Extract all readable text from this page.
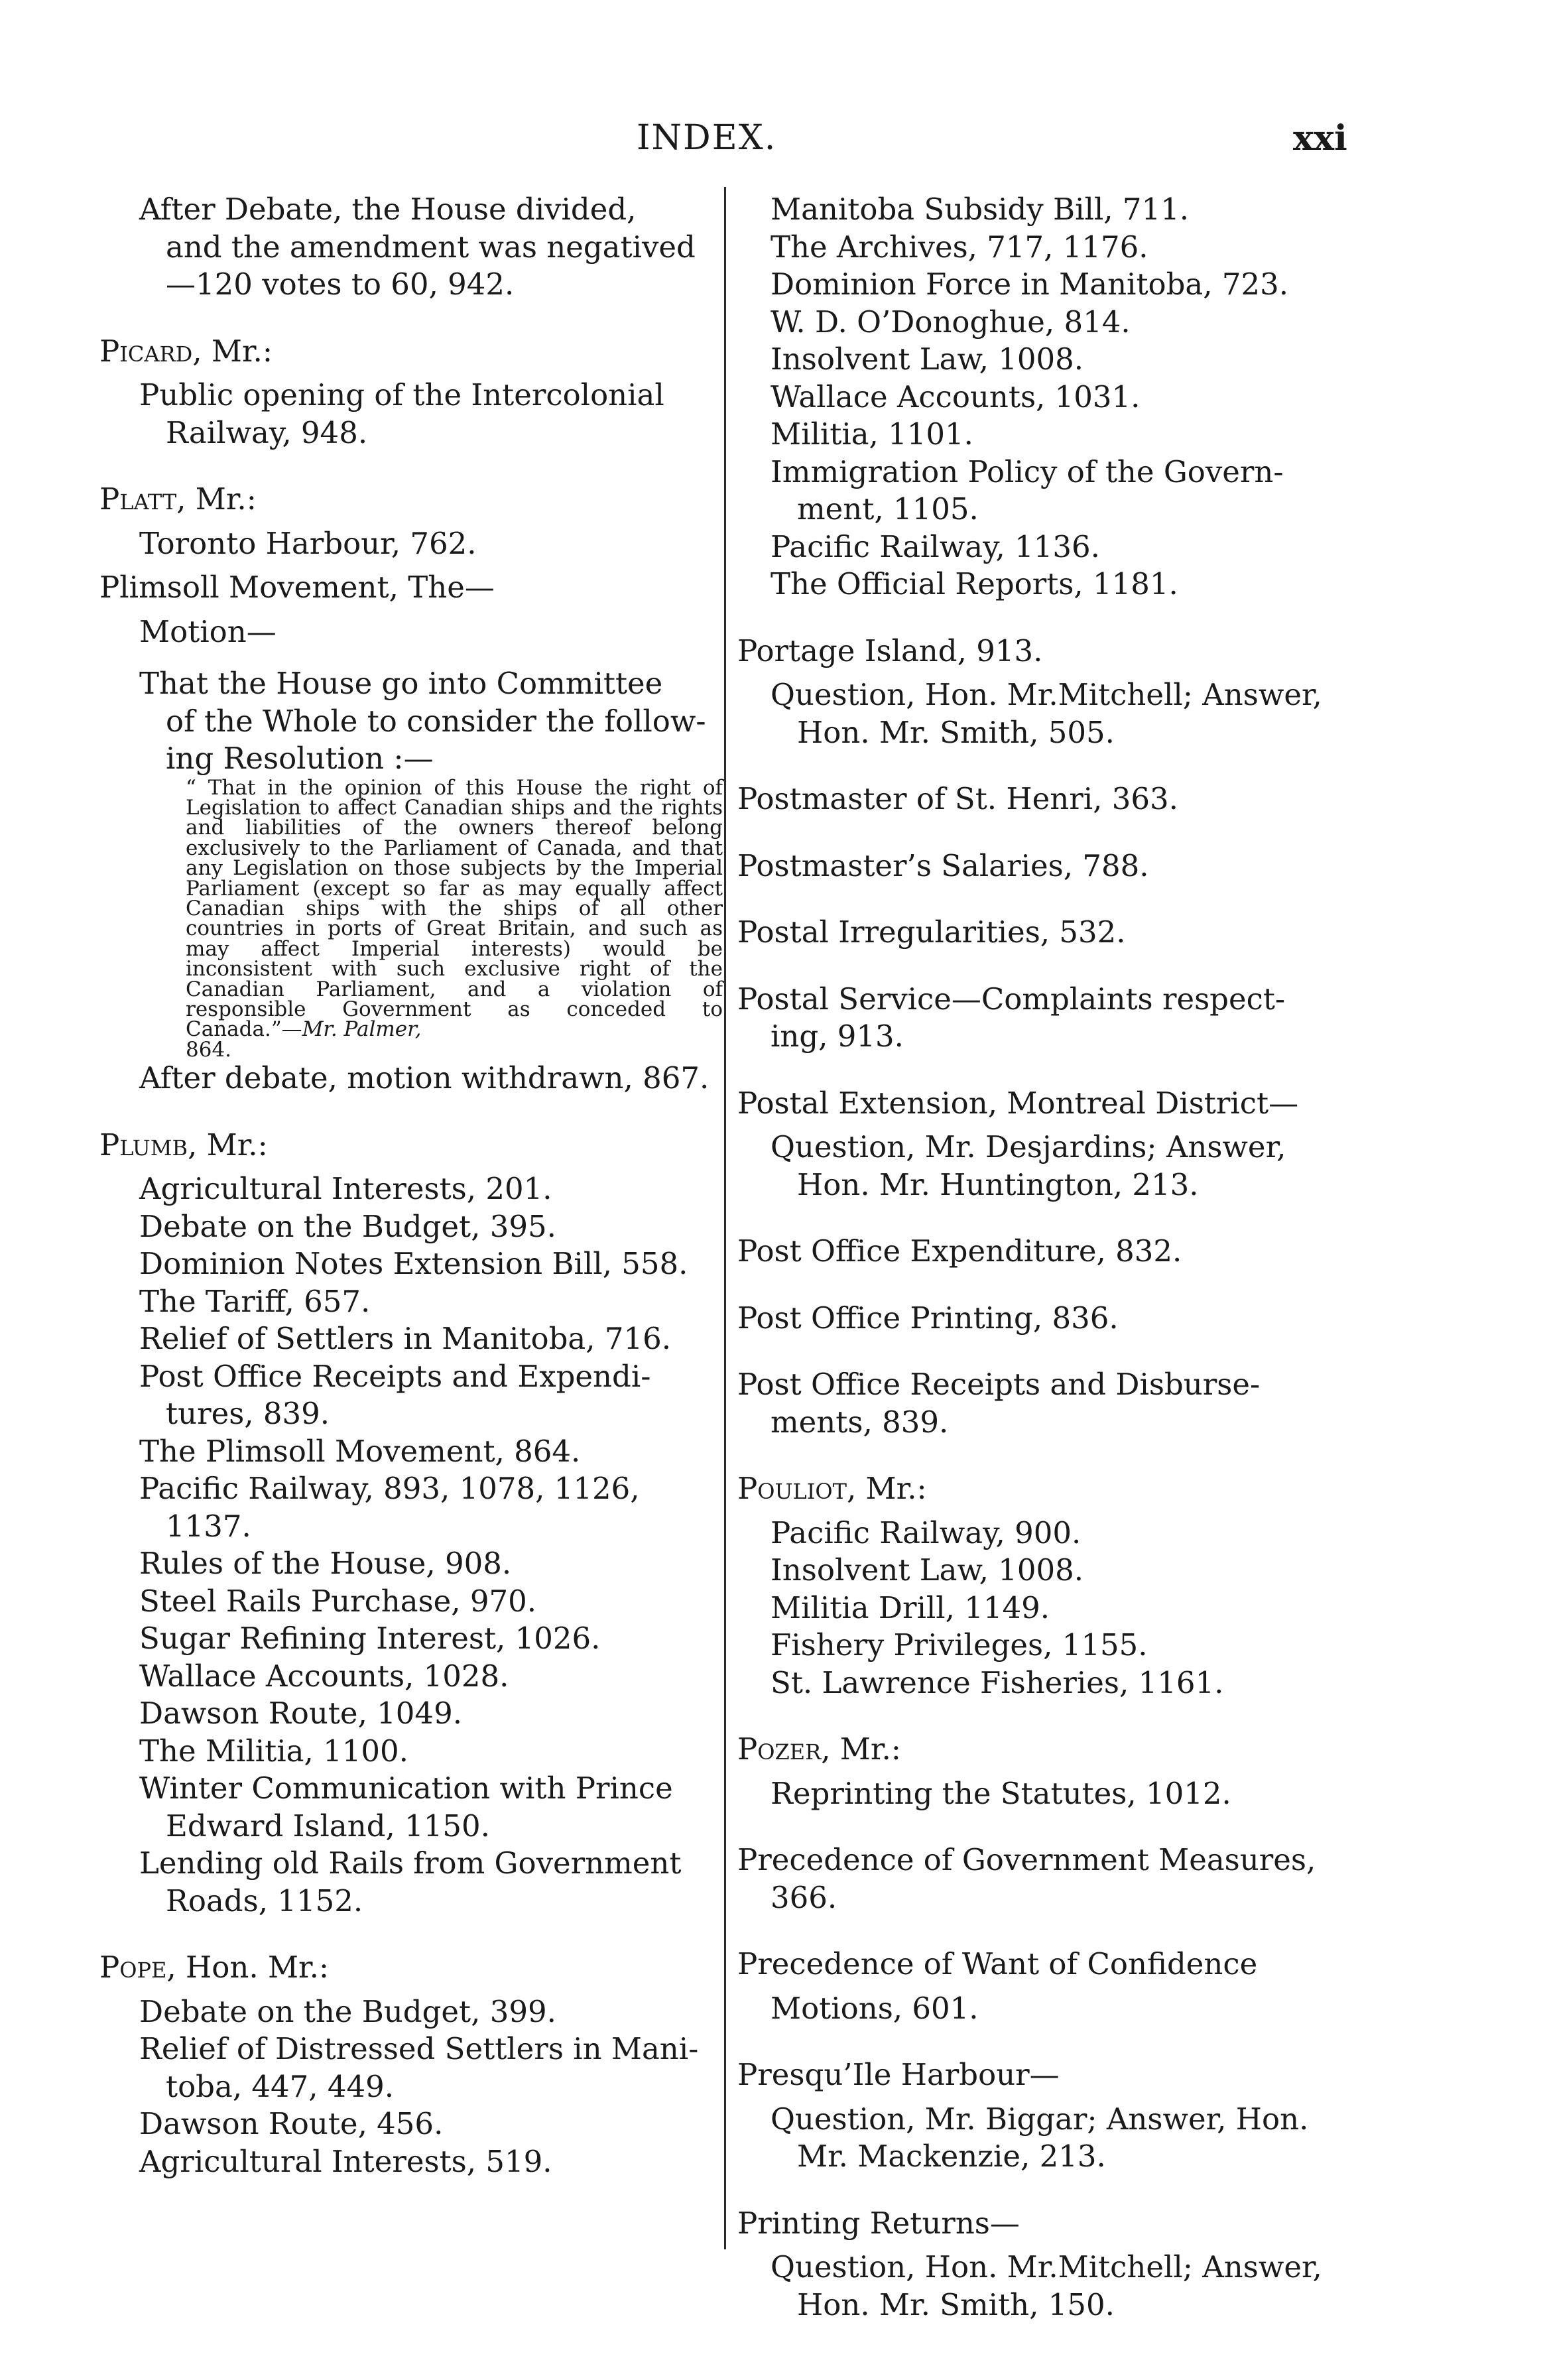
INDEX.	xxi

After Debate, the House divided,

and the amendment was negatived

—120 votes to 60, 942.

Picard, Mr.:

Public opening of the Intercolonial

Railway, 948.

Platt, Mr.:

Toronto Harbour, 762.

Plimsoll Movement, The—

Motion—

That the House go into Committee

of the Whole to consider the follow-

ing Resolution :—

“ That in the opinion of this House the right of Legislation to affect Canadian ships and the rights and liabilities of the owners thereof belong exclusively to the Parliament of Canada, and that any Legislation on those subjects by the Imperial Parliament (except so far as may equally affect Canadian ships with the ships of all other countries in ports of Great Britain, and such as may affect Imperial interests) would be inconsistent with such exclusive right of the Canadian Parliament, and a violation of responsible Government as conceded to Canada.”—Mr. Palmer,
864.

After debate, motion withdrawn, 867.

Plumb, Mr.:

Agricultural Interests, 201.

Debate on the Budget, 395.

Dominion Notes Extension Bill, 558.

The Tariff, 657.

Relief of Settlers in Manitoba, 716.

Post Office Receipts and Expendi-

tures, 839.

The Plimsoll Movement, 864.

Pacific Railway, 893, 1078, 1126,

1137.

Rules of the House, 908.

Steel Rails Purchase, 970.

Sugar Refining Interest, 1026.

Wallace Accounts, 1028.

Dawson Route, 1049.

The Militia, 1100.

Winter Communication with Prince

Edward Island, 1150.

Lending old Rails from Government

Roads, 1152.

Pope, Hon. Mr.:

Debate on the Budget, 399.

Relief of Distressed Settlers in Mani-

toba, 447, 449.

Dawson Route, 456.

Agricultural Interests, 519.

Manitoba Subsidy Bill, 711.

The Archives, 717, 1176.

Dominion Force in Manitoba, 723.

W. D. O’Donoghue, 814.

Insolvent Law, 1008.

Wallace Accounts, 1031.

Militia, 1101.

Immigration Policy of the Govern-

ment, 1105.

Pacific Railway, 1136.

The Official Reports, 1181.

Portage Island, 913.

Question, Hon. Mr.Mitchell; Answer,

Hon. Mr. Smith, 505.

Postmaster of St. Henri, 363.

Postmaster’s Salaries, 788.

Postal Irregularities, 532.

Postal Service—Complaints respect-

ing, 913.

Postal Extension, Montreal District—

Question, Mr. Desjardins; Answer,

Hon. Mr. Huntington, 213.

Post Office Expenditure, 832.

Post Office Printing, 836.

Post Office Receipts and Disburse-

ments, 839.

Pouliot, Mr.:

Pacific Railway, 900.

Insolvent Law, 1008.

Militia Drill, 1149.

Fishery Privileges, 1155.

St. Lawrence Fisheries, 1161.

Pozer, Mr.:

Reprinting the Statutes, 1012.

Precedence of Government Measures,

366.

Precedence of Want of Confidence

Motions, 601.

Presqu’Ile Harbour—

Question, Mr. Biggar; Answer, Hon.

Mr. Mackenzie, 213.

Printing Returns—

Question, Hon. Mr.Mitchell; Answer,

Hon. Mr. Smith, 150.
